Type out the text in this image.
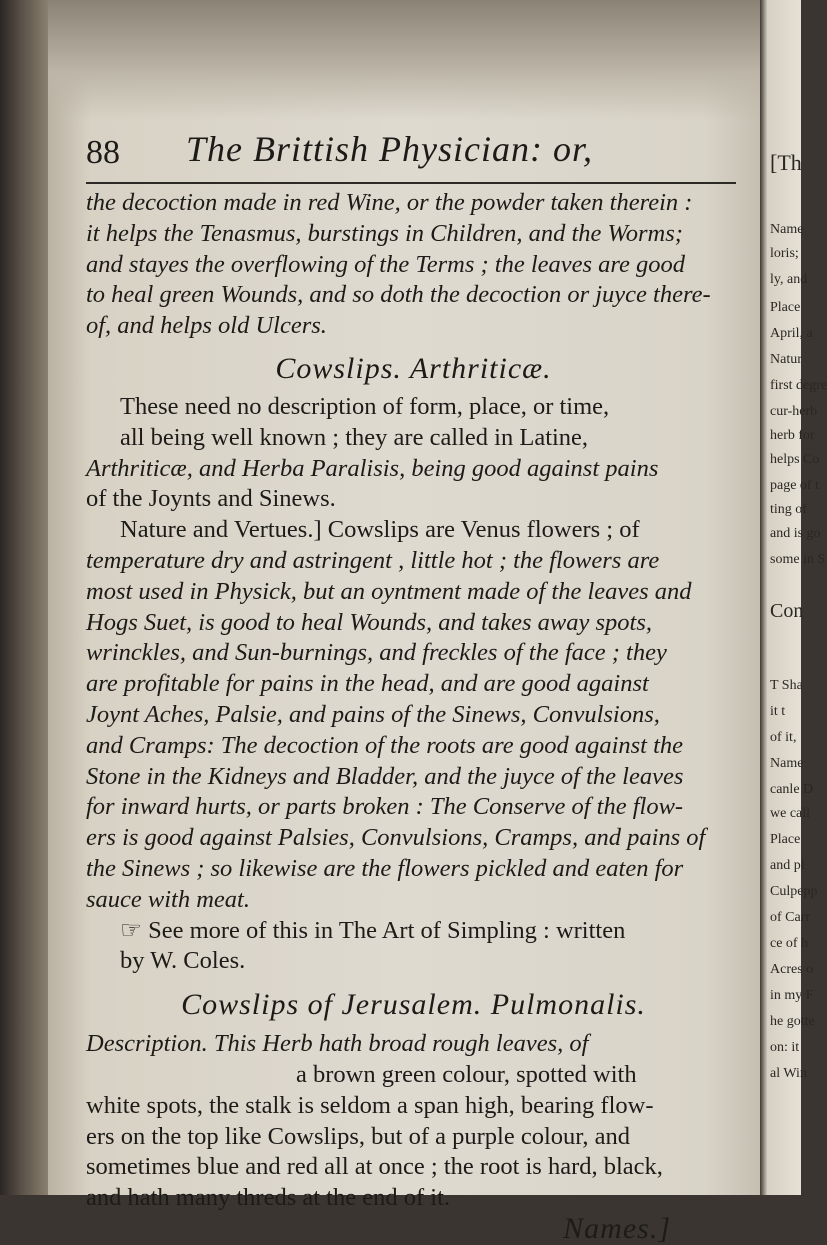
88 The Brittish Physician: or,
the decoction made in red Wine, or the powder taken therein :
it helps the Tenasmus, burstings in Children, and the Worms;
and stayes the overflowing of the Terms ; the leaves are good
to heal green Wounds, and so doth the decoction or juyce there-
of, and helps old Ulcers.
Cowslips. Arthriticæ.
These need no description of form, place, or time,
all being well known ; they are called in Latine,
Arthriticæ, and Herba Paralisis, being good against pains
of the Joynts and Sinews.
Nature and Vertues.] Cowslips are Venus flowers ; of
temperature dry and astringent , little hot ; the flowers are
most used in Physick, but an oyntment made of the leaves and
Hogs Suet, is good to heal Wounds, and takes away spots,
wrinckles, and Sun-burnings, and freckles of the face ; they
are profitable for pains in the head, and are good against
Joynt Aches, Palsie, and pains of the Sinews, Convulsions,
and Cramps: The decoction of the roots are good against the
Stone in the Kidneys and Bladder, and the juyce of the leaves
for inward hurts, or parts broken : The Conserve of the flow-
ers is good against Palsies, Convulsions, Cramps, and pains of
the Sinews ; so likewise are the flowers pickled and eaten for
sauce with meat.
☞ See more of this in The Art of Simpling : written
by W. Coles.
Cowslips of Jerusalem. Pulmonalis.
Description. This Herb hath broad rough leaves, of
a brown green colour, spotted with
white spots, the stalk is seldom a span high, bearing flow-
ers on the top like Cowslips, but of a purple colour, and
sometimes blue and red all at once ; the root is hard, black,
and hath many threds at the end of it.
Names.]
[Th
Name
loris;
ly, and
Place
April, a
Natur
first degre
cur-herb
herb for
helps Co
page of t
ting of
and is go
some in S
Con
T Sha
it t
of it,
Name
canle D
we call
Place
and pl
Culpepp
of Carr
ce of h
Acres o
in my F
he gotte
on: it
al Win
